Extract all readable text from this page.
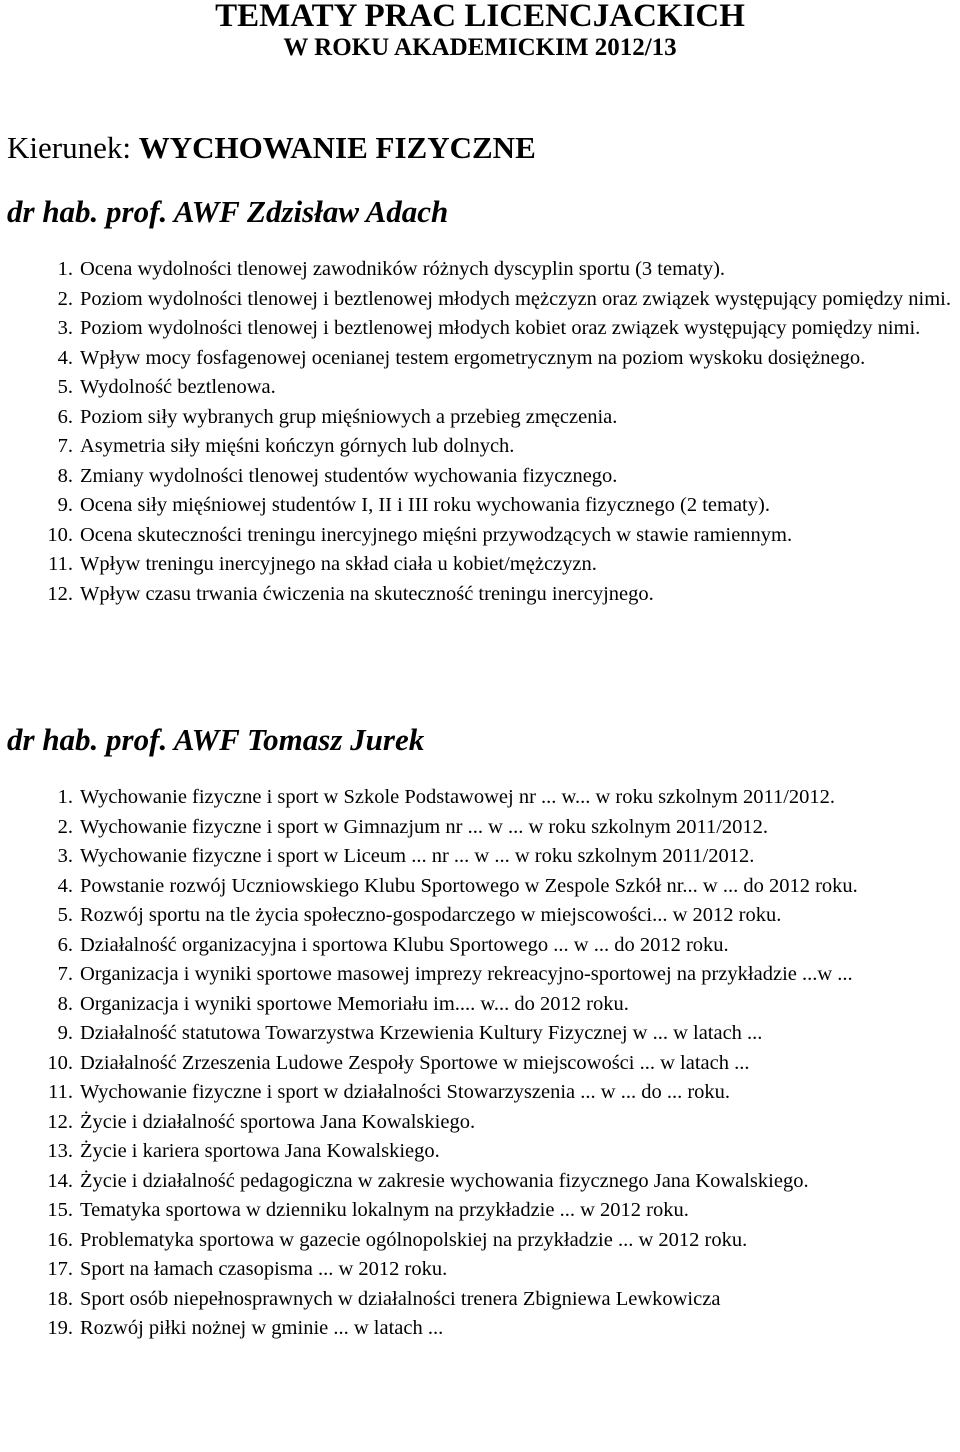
TEMATY PRAC LICENCJACKICH
W ROKU AKADEMICKIM 2012/13
Kierunek: WYCHOWANIE FIZYCZNE
dr hab. prof. AWF Zdzisław Adach
1. Ocena wydolności tlenowej zawodników różnych dyscyplin sportu (3 tematy).
2. Poziom wydolności tlenowej i beztlenowej młodych mężczyzn oraz związek występujący pomiędzy nimi.
3. Poziom wydolności tlenowej i beztlenowej młodych kobiet oraz związek występujący pomiędzy nimi.
4. Wpływ mocy fosfagenowej ocenianej testem ergometrycznym na poziom wyskoku dosiężnego.
5. Wydolność beztlenowa.
6. Poziom siły wybranych grup mięśniowych a przebieg zmęczenia.
7. Asymetria siły mięśni kończyn górnych lub dolnych.
8. Zmiany wydolności tlenowej studentów wychowania fizycznego.
9. Ocena siły mięśniowej studentów I, II i III roku wychowania fizycznego (2 tematy).
10. Ocena skuteczności treningu inercyjnego mięśni przywodzących w stawie ramiennym.
11. Wpływ treningu inercyjnego na skład ciała u kobiet/mężczyzn.
12. Wpływ czasu trwania ćwiczenia na skuteczność treningu inercyjnego.
dr hab. prof. AWF Tomasz Jurek
1. Wychowanie fizyczne i sport w Szkole Podstawowej nr ... w... w roku szkolnym 2011/2012.
2. Wychowanie fizyczne i sport w Gimnazjum nr ... w ... w roku szkolnym 2011/2012.
3. Wychowanie fizyczne i sport w Liceum ... nr ... w ... w roku szkolnym 2011/2012.
4. Powstanie rozwój Uczniowskiego Klubu Sportowego w Zespole Szkół nr... w ... do 2012 roku.
5. Rozwój sportu na tle życia społeczno-gospodarczego w miejscowości... w 2012 roku.
6. Działalność organizacyjna i sportowa Klubu Sportowego ... w ... do 2012 roku.
7. Organizacja i wyniki sportowe masowej imprezy rekreacyjno-sportowej na przykładzie ...w ...
8. Organizacja i wyniki sportowe Memoriału im.... w... do 2012 roku.
9. Działalność statutowa Towarzystwa Krzewienia Kultury Fizycznej w ... w latach ...
10. Działalność Zrzeszenia Ludowe Zespoły Sportowe w miejscowości ... w latach ...
11. Wychowanie fizyczne i sport w działalności Stowarzyszenia ... w ... do ... roku.
12. Życie i działalność sportowa Jana Kowalskiego.
13. Życie i kariera sportowa Jana Kowalskiego.
14. Życie i działalność pedagogiczna w zakresie wychowania fizycznego Jana Kowalskiego.
15. Tematyka sportowa w dzienniku lokalnym na przykładzie ... w 2012 roku.
16. Problematyka sportowa w gazecie ogólnopolskiej na przykładzie ... w 2012 roku.
17. Sport na łamach czasopisma ... w 2012 roku.
18. Sport osób niepełnosprawnych w działalności trenera Zbigniewa Lewkowicza
19. Rozwój piłki nożnej w gminie ... w latach ...
